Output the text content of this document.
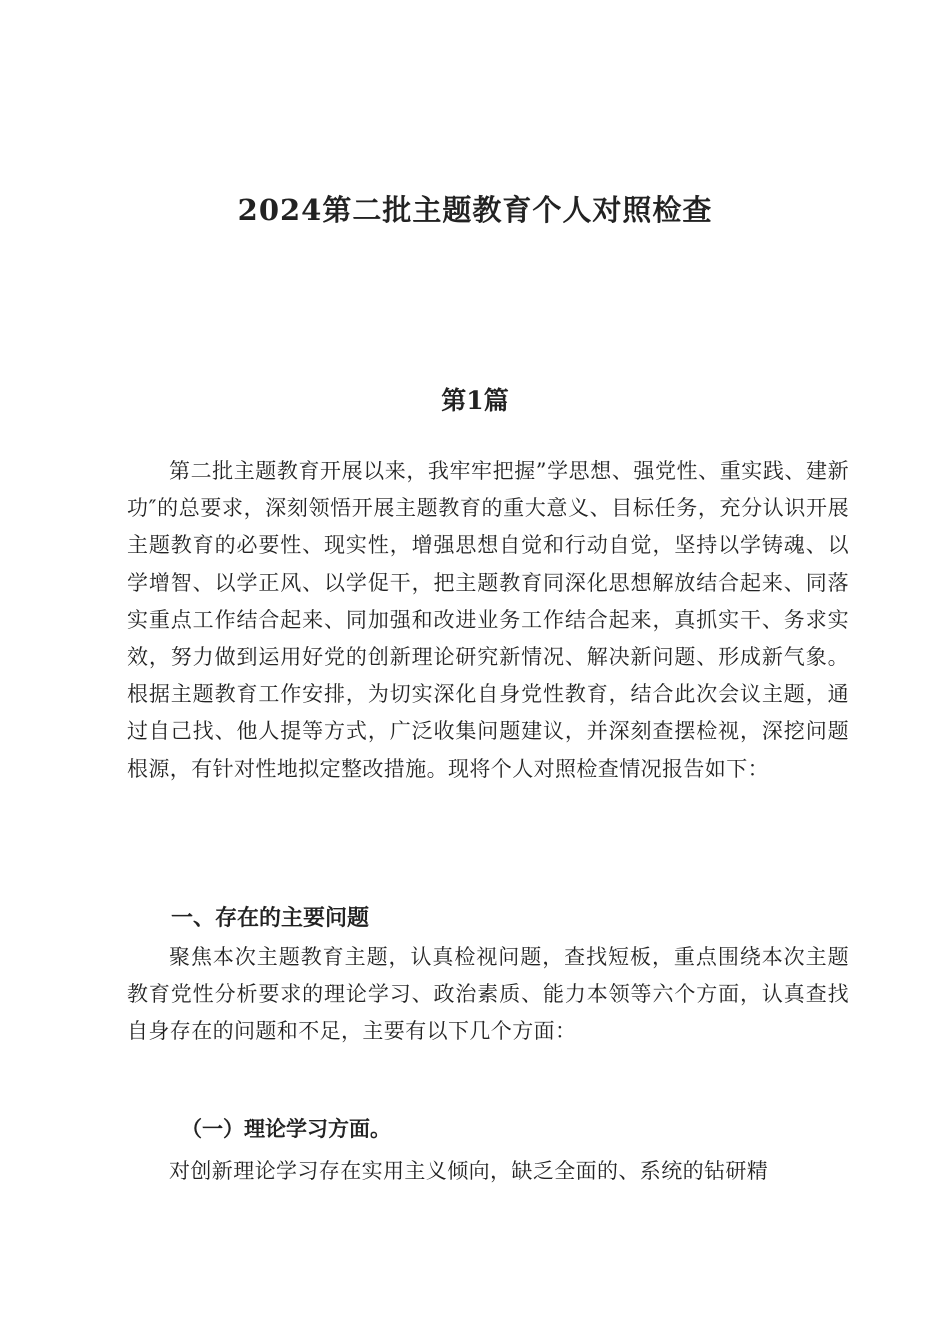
2024第二批主题教育个人对照检查
第1篇

第二批主题教育开展以来，我牢牢把握”学思想、强党性、重实践、建新功″的总要求，深刻领悟开展主题教育的重大意义、目标任务，充分认识开展主题教育的必要性、现实性，增强思想自觉和行动自觉，坚持以学铸魂、以学增智、以学正风、以学促干，把主题教育同深化思想解放结合起来、同落实重点工作结合起来、同加强和改进业务工作结合起来，真抓实干、务求实效，努力做到运用好党的创新理论研究新情况、解决新问题、形成新气象。根据主题教育工作安排，为切实深化自身党性教育，结合此次会议主题，通过自己找、他人提等方式，广泛收集问题建议，并深刻查摆检视，深挖问题根源，有针对性地拟定整改措施。现将个人对照检查情况报告如下：

一、存在的主要问题

聚焦本次主题教育主题，认真检视问题，查找短板，重点围绕本次主题教育党性分析要求的理论学习、政治素质、能力本领等六个方面，认真查找自身存在的问题和不足，主要有以下几个方面：

（一）理论学习方面。

对创新理论学习存在实用主义倾向，缺乏全面的、系统的钻研精
